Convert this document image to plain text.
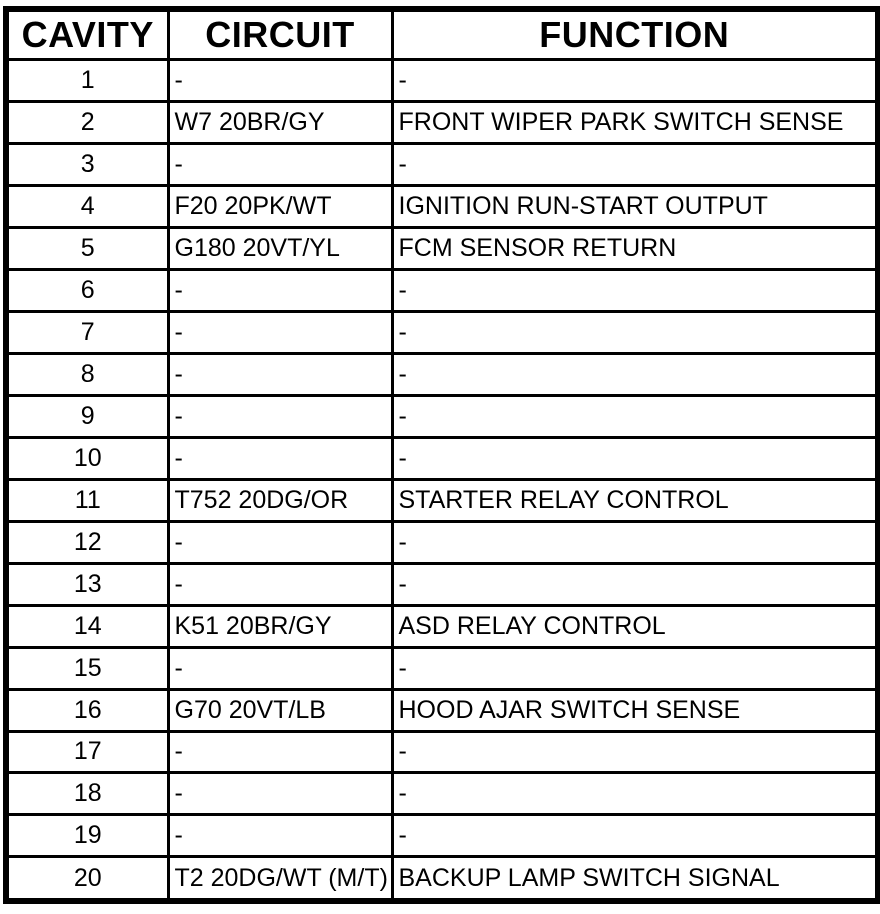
CAVITY	CIRCUIT	FUNCTION
1	-	-
2	W7 20BR/GY	FRONT WIPER PARK SWITCH SENSE
3	-	-
4	F20 20PK/WT	IGNITION RUN-START OUTPUT
5	G180 20VT/YL	FCM SENSOR RETURN
6	-	-
7	-	-
8	-	-
9	-	-
10	-	-
11	T752 20DG/OR	STARTER RELAY CONTROL
12	-	-
13	-	-
14	K51 20BR/GY	ASD RELAY CONTROL
15	-	-
16	G70 20VT/LB	HOOD AJAR SWITCH SENSE
17	-	-
18	-	-
19	-	-
20	T2 20DG/WT (M/T)	BACKUP LAMP SWITCH SIGNAL
